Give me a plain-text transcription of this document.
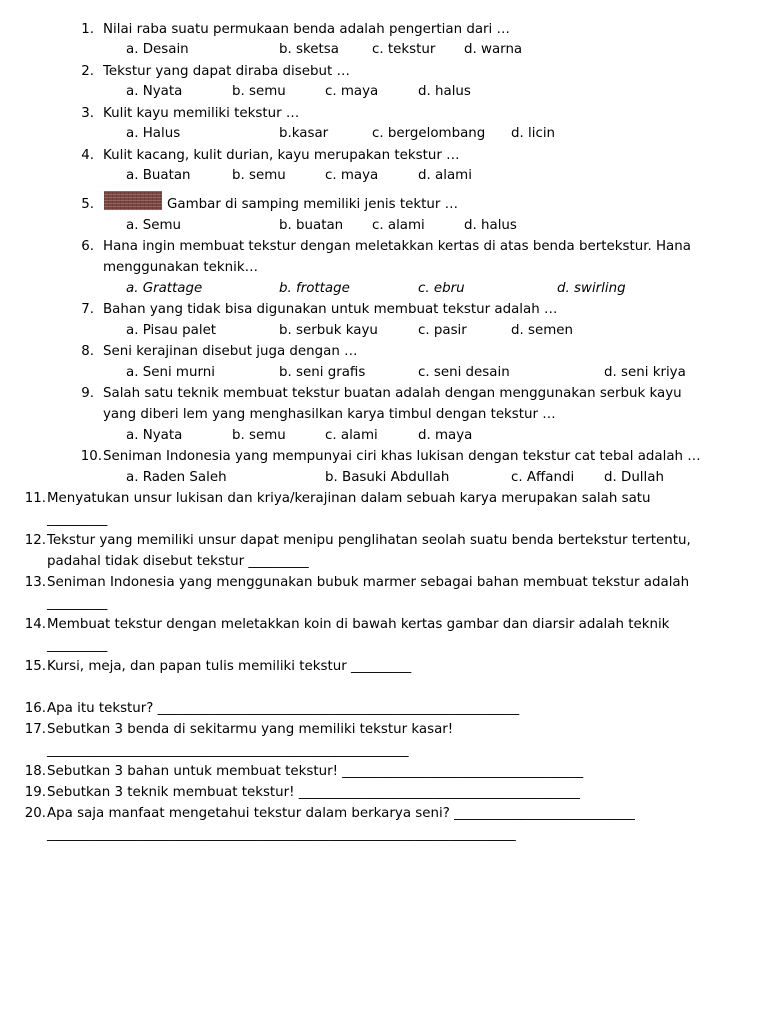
1. Nilai raba suatu permukaan benda adalah pengertian dari …
a. Desain	b. sketsa c. tekstur d. warna
2. Tekstur yang dapat diraba disebut …
a. Nyata	b. semu	c. maya	d. halus
3. Kulit kayu memiliki tekstur …
a. Halus	b.kasar	c. bergelombang d. licin
4. Kulit kacang, kulit durian, kayu merupakan tekstur …
a. Buatan	b. semu	c. maya	d. alami
5.	Gambar di samping memiliki jenis tektur …
a. Semu	b. buatan c. alami	d. halus
6. Hana ingin membuat tekstur dengan meletakkan kertas di atas benda bertekstur. Hana
menggunakan teknik…
a. Grattage	b. frottage	c. ebru	d. swirling
7. Bahan yang tidak bisa digunakan untuk membuat tekstur adalah …
a. Pisau palet	b. serbuk kayu	c. pasir	d. semen
8. Seni kerajinan disebut juga dengan …
a. Seni murni	b. seni grafis	c. seni desain	d. seni kriya
9. Salah satu teknik membuat tekstur buatan adalah dengan menggunakan serbuk kayu
yang diberi lem yang menghasilkan karya timbul dengan tekstur …
a. Nyata	b. semu	c. alami	d. maya
10. Seniman Indonesia yang mempunyai ciri khas lukisan dengan tekstur cat tebal adalah …
a. Raden Saleh	b. Basuki Abdullah	c. Affandi d. Dullah
11. Menyatukan unsur lukisan dan kriya/kerajinan dalam sebuah karya merupakan salah satu
_________
12. Tekstur yang memiliki unsur dapat menipu penglihatan seolah suatu benda bertekstur tertentu,
padahal tidak disebut tekstur _________
13. Seniman Indonesia yang menggunakan bubuk marmer sebagai bahan membuat tekstur adalah
_________
14. Membuat tekstur dengan meletakkan koin di bawah kertas gambar dan diarsir adalah teknik
_________
15. Kursi, meja, dan papan tulis memiliki tekstur _________
16. Apa itu tekstur? ______________________________________________________
17. Sebutkan 3 benda di sekitarmu yang memiliki tekstur kasar!
______________________________________________________
18. Sebutkan 3 bahan untuk membuat tekstur! ____________________________________
19. Sebutkan 3 teknik membuat tekstur! __________________________________________
20. Apa saja manfaat mengetahui tekstur dalam berkarya seni? ___________________________
______________________________________________________________________
